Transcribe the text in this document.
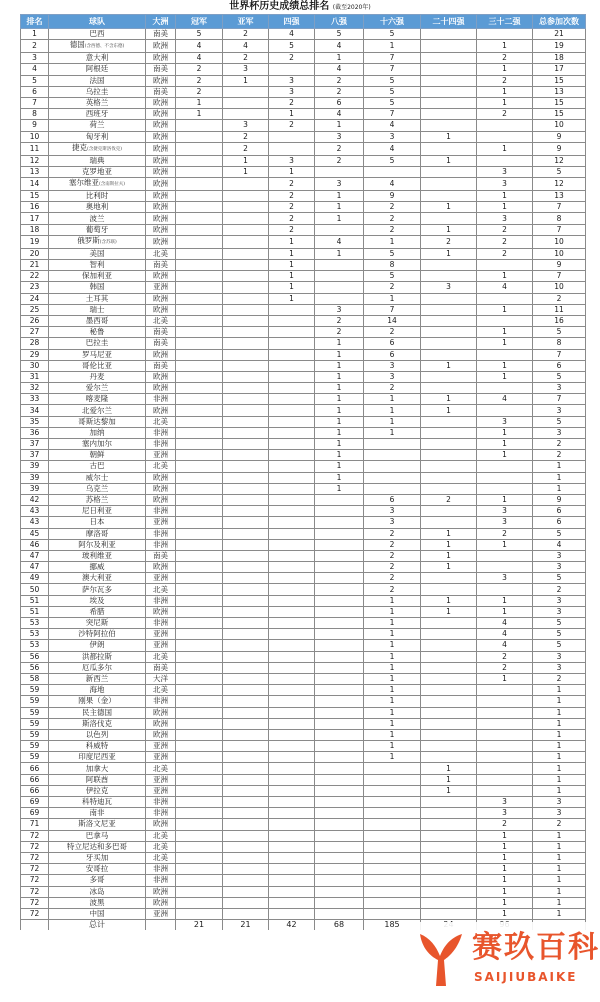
世界杯历史成绩总排名 (截至2020年)
排名	球队	大洲	冠军	亚军	四强	八强	十六强	二十四强	三十二强	总参加次数
1	巴西	南美	5	2	4	5	5			21
2	德国(含西德、不含东德)	欧洲	4	4	5	4	1		1	19
3	意大利	欧洲	4	2	2	1	7		2	18
4	阿根廷	南美	2	3		4	7		1	17
5	法国	欧洲	2	1	3	2	5		2	15
6	乌拉圭	南美	2		3	2	5		1	13
7	英格兰	欧洲	1		2	6	5		1	15
8	西班牙	欧洲	1		1	4	7		2	15
9	荷兰	欧洲		3	2	1	4			10
10	匈牙利	欧洲		2		3	3	1		9
11	捷克(含捷克斯洛伐克)	欧洲		2		2	4		1	9
12	瑞典	欧洲		1	3	2	5	1		12
13	克罗地亚	欧洲		1	1				3	5
14	塞尔维亚(含南斯拉夫)	欧洲			2	3	4		3	12
15	比利时	欧洲			2	1	9		1	13
16	奥地利	欧洲			2	1	2	1	1	7
17	波兰	欧洲			2	1	2		3	8
18	葡萄牙	欧洲			2		2	1	2	7
19	俄罗斯(含苏联)	欧洲			1	4	1	2	2	10
20	美国	北美			1	1	5	1	2	10
21	智利	南美			1		8			9
22	保加利亚	欧洲			1		5		1	7
23	韩国	亚洲			1		2	3	4	10
24	土耳其	欧洲			1		1			2
25	瑞士	欧洲				3	7		1	11
26	墨西哥	北美				2	14			16
27	秘鲁	南美				2	2		1	5
28	巴拉圭	南美				1	6		1	8
29	罗马尼亚	欧洲				1	6			7
30	哥伦比亚	南美				1	3	1	1	6
31	丹麦	欧洲				1	3		1	5
32	爱尔兰	欧洲				1	2			3
33	喀麦隆	非洲				1	1	1	4	7
34	北爱尔兰	欧洲				1	1	1		3
35	哥斯达黎加	北美				1	1		3	5
36	加纳	非洲				1	1		1	3
37	塞内加尔	非洲				1			1	2
37	朝鲜	亚洲				1			1	2
39	古巴	北美				1				1
39	威尔士	欧洲				1				1
39	乌克兰	欧洲				1				1
42	苏格兰	欧洲					6	2	1	9
43	尼日利亚	非洲					3		3	6
43	日本	亚洲					3		3	6
45	摩洛哥	非洲					2	1	2	5
46	阿尔及利亚	非洲					2	1	1	4
47	玻利维亚	南美					2	1		3
47	挪威	欧洲					2	1		3
49	澳大利亚	亚洲					2		3	5
50	萨尔瓦多	北美					2			2
51	埃及	非洲					1	1	1	3
51	希腊	欧洲					1	1	1	3
53	突尼斯	非洲					1		4	5
53	沙特阿拉伯	亚洲					1		4	5
53	伊朗	亚洲					1		4	5
56	洪都拉斯	北美					1		2	3
56	厄瓜多尔	南美					1		2	3
58	新西兰	大洋					1		1	2
59	海地	北美					1			1
59	刚果（金）	非洲					1			1
59	民主德国	欧洲					1			1
59	斯洛伐克	欧洲					1			1
59	以色列	欧洲					1			1
59	科威特	亚洲					1			1
59	印度尼西亚	亚洲					1			1
66	加拿大	北美						1		1
66	阿联酋	亚洲						1		1
66	伊拉克	亚洲						1		1
69	科特迪瓦	非洲							3	3
69	南非	非洲							3	3
71	斯洛文尼亚	欧洲							2	2
72	巴拿马	北美							1	1
72	特立尼达和多巴哥	北美							1	1
72	牙买加	北美							1	1
72	安哥拉	非洲							1	1
72	多哥	非洲							1	1
72	冰岛	欧洲							1	1
72	波黑	欧洲							1	1
72	中国	亚洲							1	1
	总计		21	21	42	68	185			
赛玖百科
SAIJIUBAIKE
